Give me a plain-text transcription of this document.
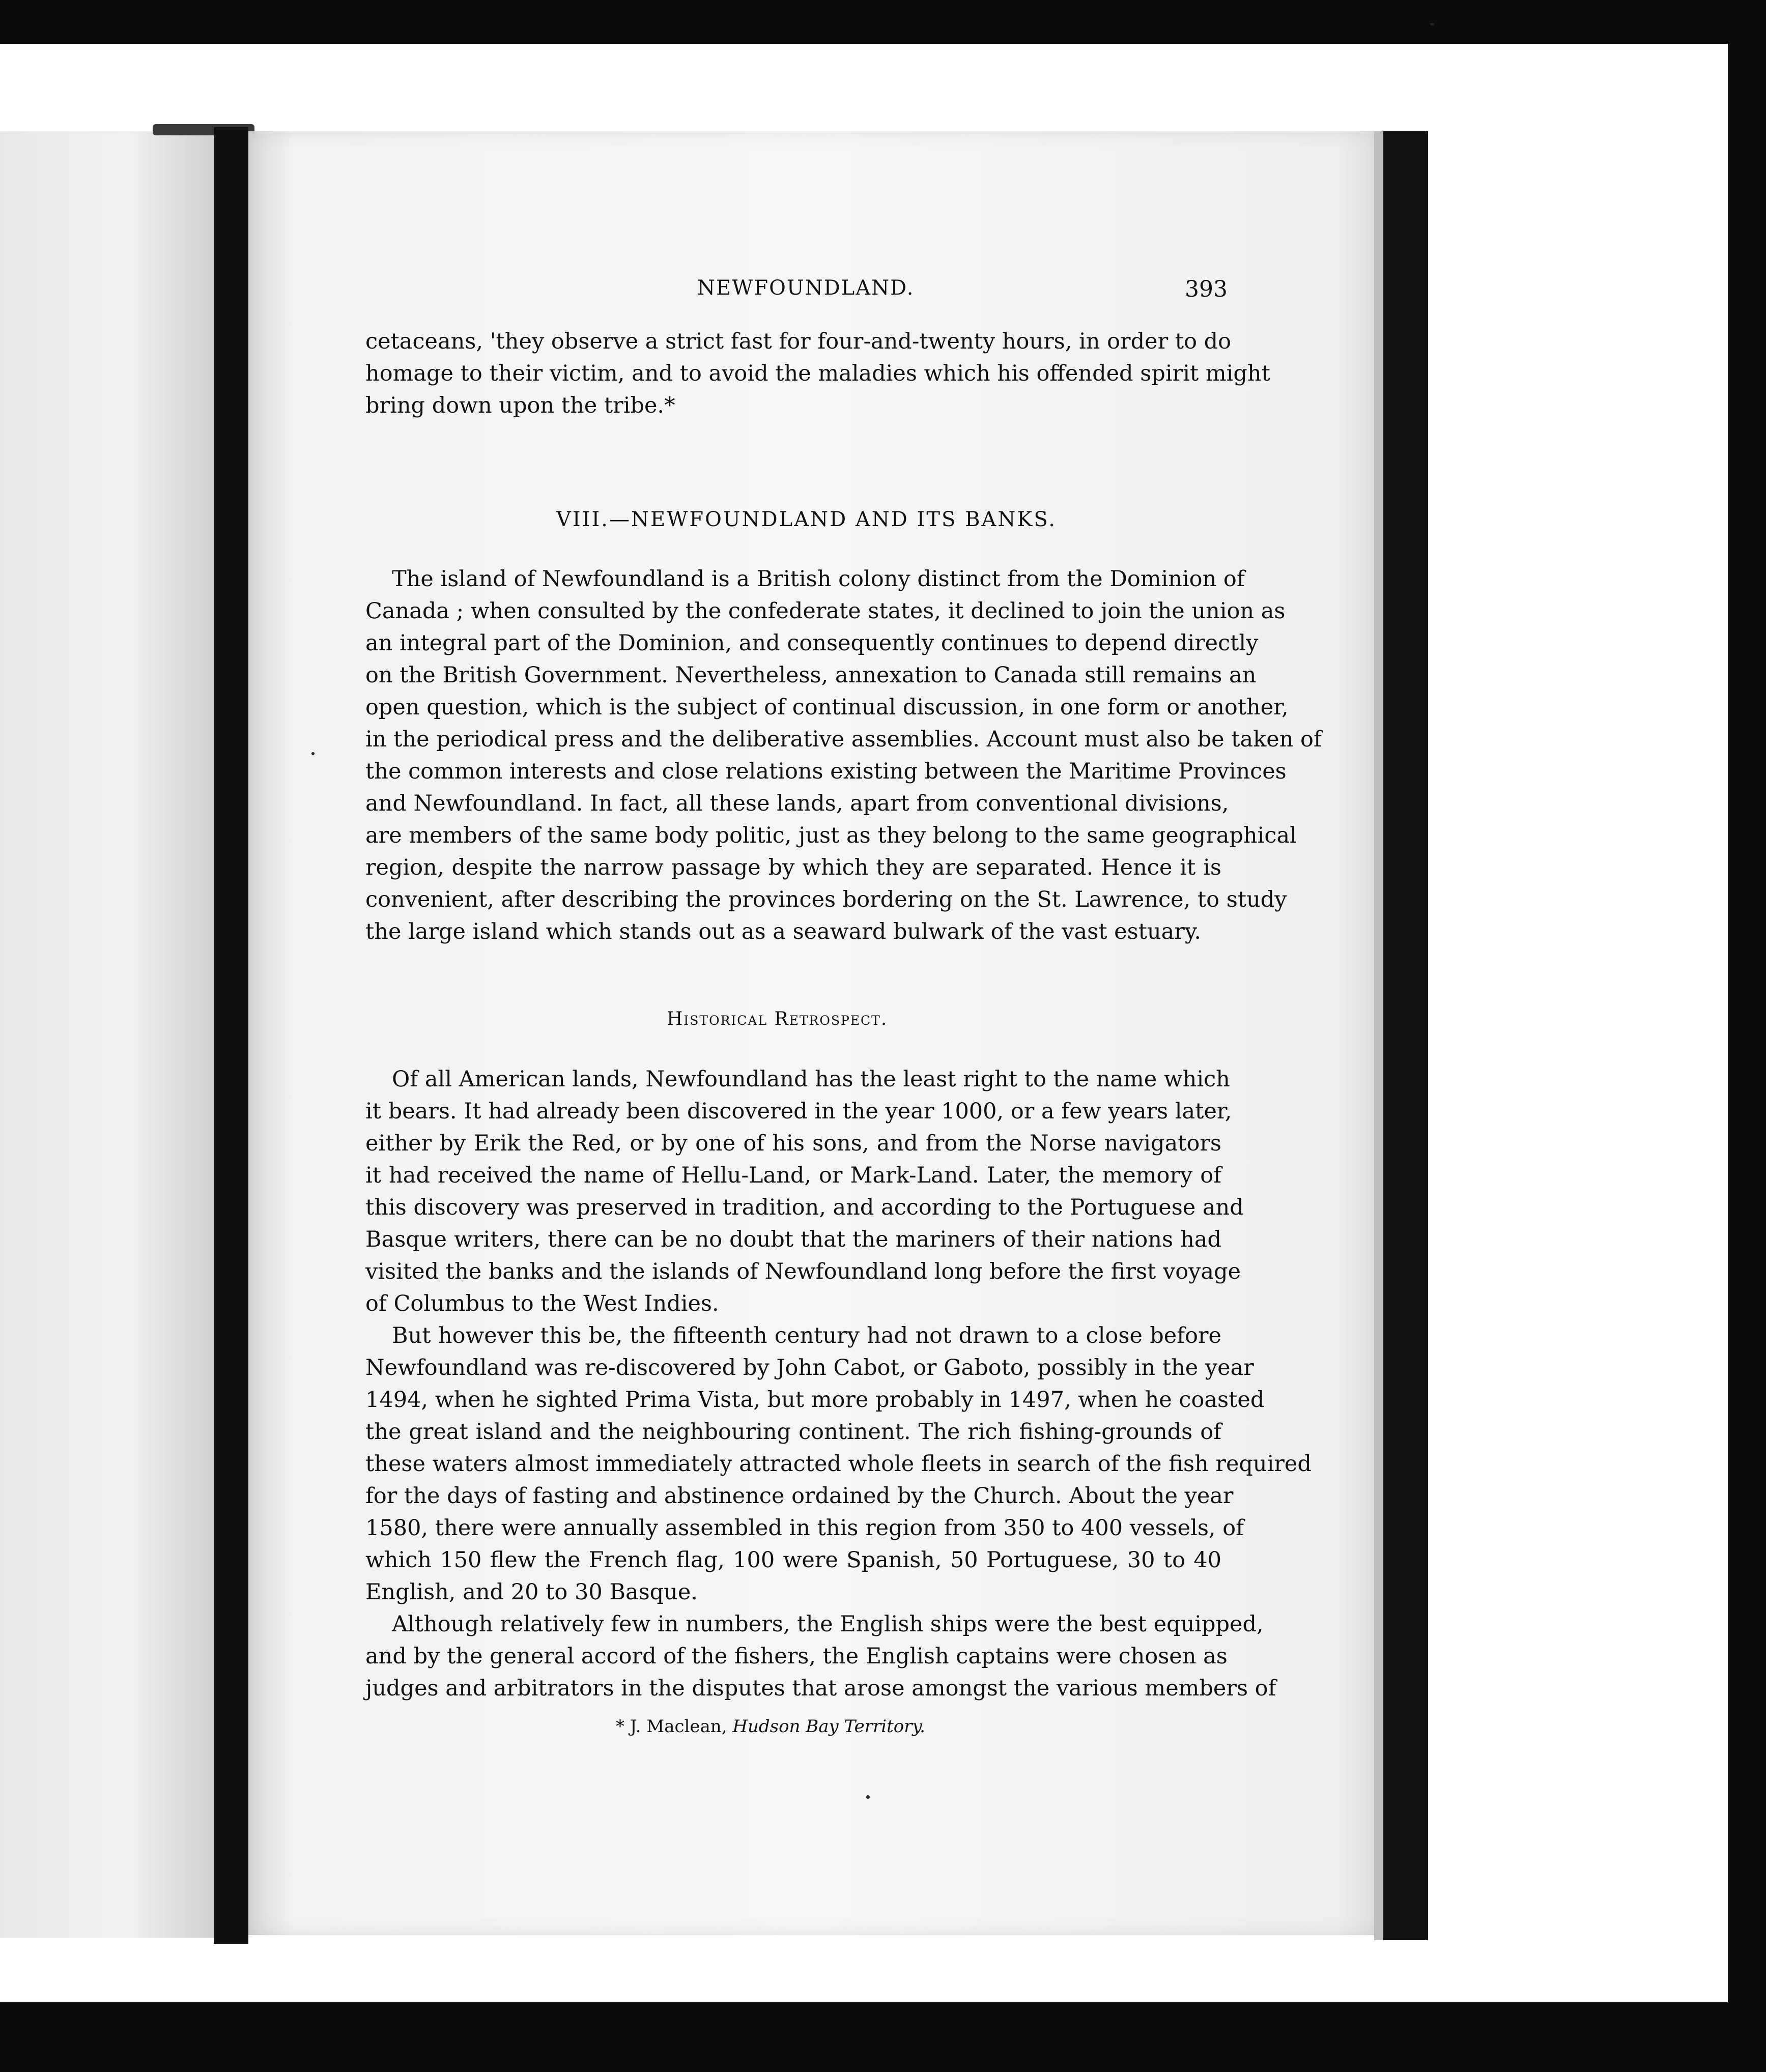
NEWFOUNDLAND.	393
cetaceans, 'they observe a strict fast for four-and-twenty hours, in order to do
homage to their victim, and to avoid the maladies which his offended spirit might
bring down upon the tribe.*
VIII.—NEWFOUNDLAND AND ITS BANKS.
The island of Newfoundland is a British colony distinct from the Dominion of
Canada ; when consulted by the confederate states, it declined to join the union as
an integral part of the Dominion, and consequently continues to depend directly
on the British Government. Nevertheless, annexation to Canada still remains an
open question, which is the subject of continual discussion, in one form or another,
in the periodical press and the deliberative assemblies. Account must also be taken of
the common interests and close relations existing between the Maritime Provinces
and Newfoundland. In fact, all these lands, apart from conventional divisions,
are members of the same body politic, just as they belong to the same geographical
region, despite the narrow passage by which they are separated. Hence it is
convenient, after describing the provinces bordering on the St. Lawrence, to study
the large island which stands out as a seaward bulwark of the vast estuary.
Historical Retrospect.
Of all American lands, Newfoundland has the least right to the name which
it bears. It had already been discovered in the year 1000, or a few years later,
either by Erik the Red, or by one of his sons, and from the Norse navigators
it had received the name of Hellu-Land, or Mark-Land. Later, the memory of
this discovery was preserved in tradition, and according to the Portuguese and
Basque writers, there can be no doubt that the mariners of their nations had
visited the banks and the islands of Newfoundland long before the first voyage
of Columbus to the West Indies.
But however this be, the fifteenth century had not drawn to a close before
Newfoundland was re-discovered by John Cabot, or Gaboto, possibly in the year
1494, when he sighted Prima Vista, but more probably in 1497, when he coasted
the great island and the neighbouring continent. The rich fishing-grounds of
these waters almost immediately attracted whole fleets in search of the fish required
for the days of fasting and abstinence ordained by the Church. About the year
1580, there were annually assembled in this region from 350 to 400 vessels, of
which 150 flew the French flag, 100 were Spanish, 50 Portuguese, 30 to 40
English, and 20 to 30 Basque.
Although relatively few in numbers, the English ships were the best equipped,
and by the general accord of the fishers, the English captains were chosen as
judges and arbitrators in the disputes that arose amongst the various members of
* J. Maclean, Hudson Bay Territory.
